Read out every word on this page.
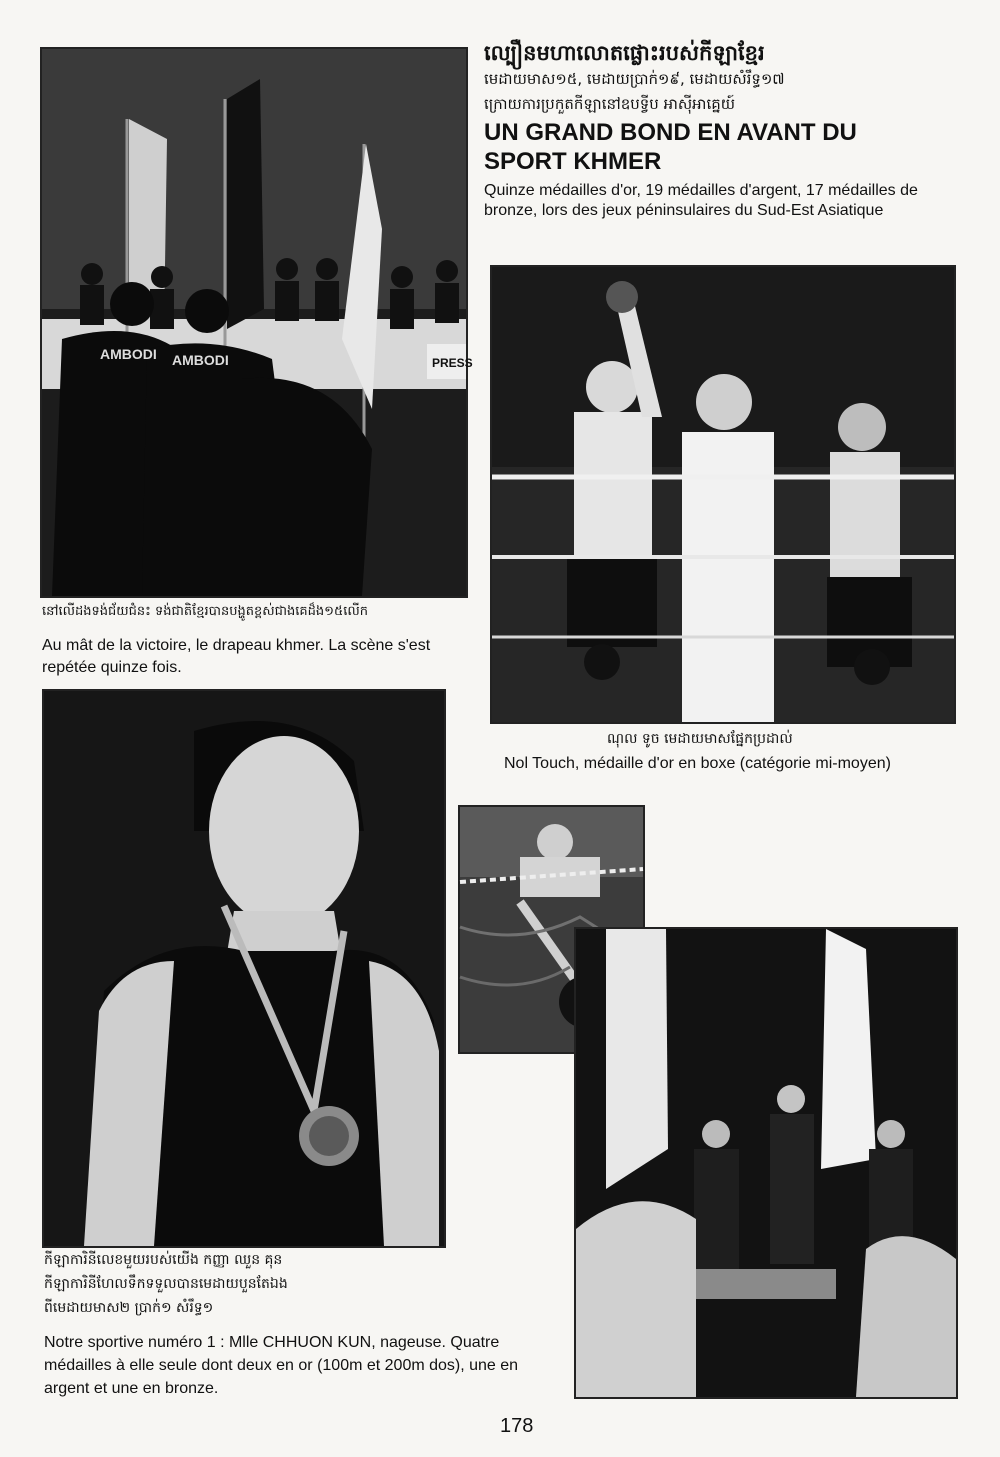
ល្បឿនមហាលោតផ្លោះរបស់កីឡាខ្មែរ
មេដាយមាស១៥, មេដាយប្រាក់១៩, មេដាយសំរឹទ្ធ១៧
ក្រោយការប្រកួតកីឡានៅឧបទ្វីប អាស៊ីអាគ្នេយ៍
UN GRAND BOND EN AVANT DU
SPORT KHMER
Quinze médailles d'or, 19 médailles d'argent, 17 médailles de bronze, lors des jeux péninsulaires du Sud-Est Asiatique
AMBODI AMBODI	PRESS
នៅលើដងទង់ជ័យជំនះ ទង់ជាតិខ្មែរបានបង្ហូតខ្ពស់ជាងគេដ៏ង១៥លើក
Au mât de la victoire, le drapeau khmer. La scène s'est repétée quinze fois.
ណុល ទូច មេដាយមាសផ្នែកប្រដាល់
Nol Touch, médaille d'or en boxe (catégorie mi-moyen)
កីឡាការិនីលេខមួយរបស់យើង កញ្ញា ឈួន គុន
កីឡាការិនីហែលទឹកទទួលបានមេដាយបួនតែឯង
ពីមេដាយមាស២ ប្រាក់១ សំរឹទ្ធ១
Notre sportive numéro 1 : Mlle CHHUON KUN, nageuse. Quatre médailles à elle seule dont deux en or (100m et 200m dos), une en argent et une en bronze.
178
